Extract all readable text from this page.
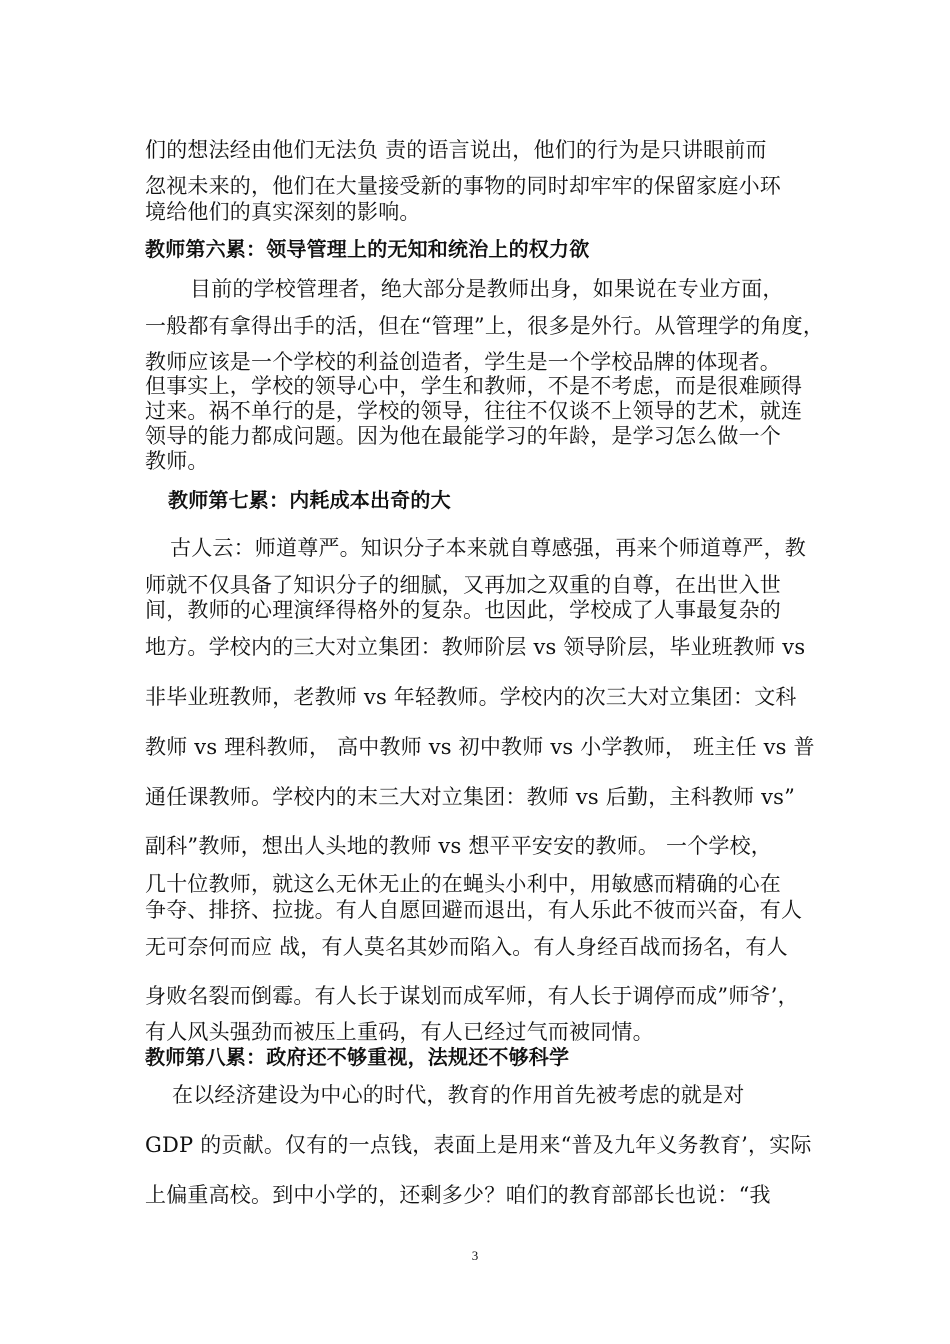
们的想法经由他们无法负 责的语言说出，他们的行为是只讲眼前而
忽视未来的，他们在大量接受新的事物的同时却牢牢的保留家庭小环
境给他们的真实深刻的影响。
教师第六累：领导管理上的无知和统治上的权力欲
目前的学校管理者，绝大部分是教师出身，如果说在专业方面，
一般都有拿得出手的活，但在“管理”上，很多是外行。从管理学的角度，
教师应该是一个学校的利益创造者，学生是一个学校品牌的体现者。
但事实上，学校的领导心中，学生和教师，不是不考虑，而是很难顾得
过来。祸不单行的是，学校的领导，往往不仅谈不上领导的艺术，就连
领导的能力都成问题。因为他在最能学习的年龄，是学习怎么做一个
教师。
教师第七累：内耗成本出奇的大
古人云：师道尊严。知识分子本来就自尊感强，再来个师道尊严，教
师就不仅具备了知识分子的细腻，又再加之双重的自尊，在出世入世
间，教师的心理演绎得格外的复杂。也因此，学校成了人事最复杂的
地方。学校内的三大对立集团：教师阶层 vs 领导阶层，毕业班教师 vs
非毕业班教师，老教师 vs 年轻教师。学校内的次三大对立集团：文科
教师 vs 理科教师， 高中教师 vs 初中教师 vs 小学教师， 班主任 vs 普
通任课教师。学校内的末三大对立集团：教师 vs 后勤，主科教师 vs”
副科”教师，想出人头地的教师 vs 想平平安安的教师。 一个学校，
几十位教师，就这么无休无止的在蝇头小利中，用敏感而精确的心在
争夺、排挤、拉拢。有人自愿回避而退出，有人乐此不彼而兴奋，有人
无可奈何而应 战，有人莫名其妙而陷入。有人身经百战而扬名，有人
身败名裂而倒霉。有人长于谋划而成军师，有人长于调停而成”师爷’，
有人风头强劲而被压上重码，有人已经过气而被同情。
教师第八累：政府还不够重视，法规还不够科学
在以经济建设为中心的时代，教育的作用首先被考虑的就是对
GDP 的贡献。仅有的一点钱，表面上是用来“普及九年义务教育’，实际
上偏重高校。到中小学的，还剩多少？咱们的教育部部长也说：“我
3
